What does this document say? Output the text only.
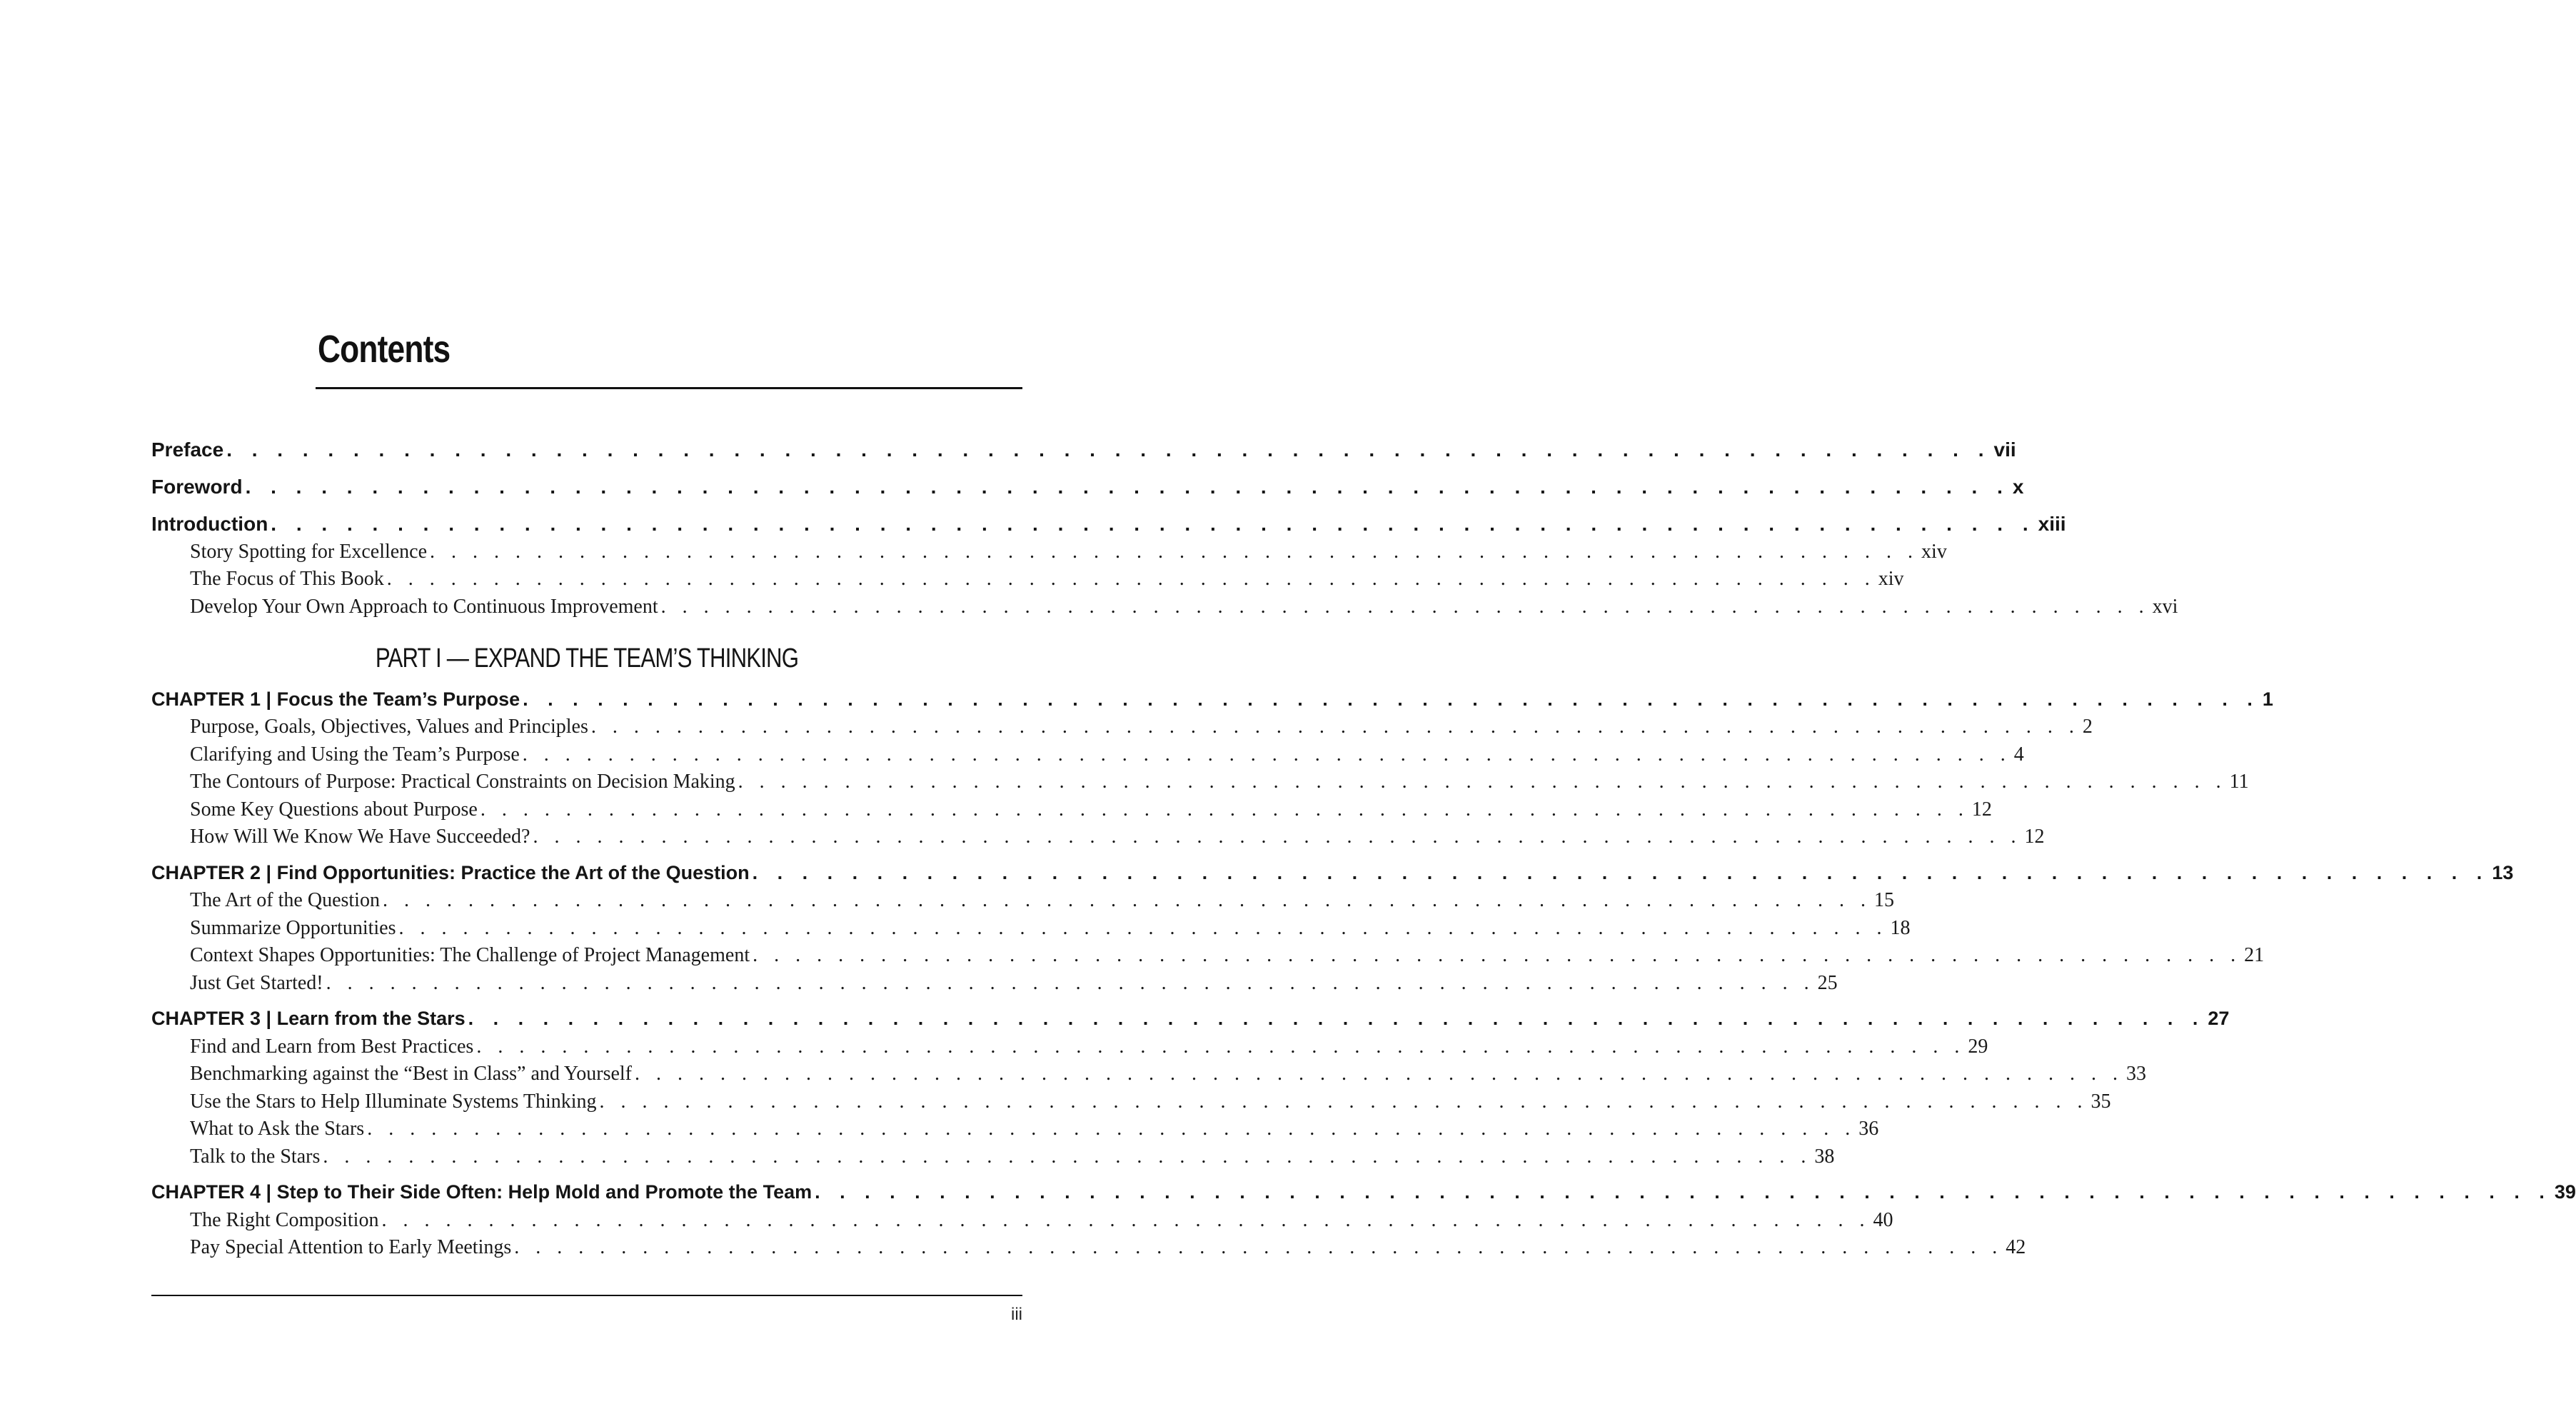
Contents
Preface . . . . . . . . . . . . . . . . . . . . . . . . . . . . . . . . . . . . . . . . . . . . . . . . . . . . . . . . . . . . . . . . . . . . . . vii
Foreword . . . . . . . . . . . . . . . . . . . . . . . . . . . . . . . . . . . . . . . . . . . . . . . . . . . . . . . . . . . . . . . . . . . . . . x
Introduction . . . . . . . . . . . . . . . . . . . . . . . . . . . . . . . . . . . . . . . . . . . . . . . . . . . . . . . . . . . . . . . . . . . . . . xiii
Story Spotting for Excellence . . . . . . . . . . . . . . . . . . . . . . . . . . . . . . . . . . . . . . . . . . . . . . . . . . . . . . . . . . . . . . . . . . . . . . xiv
The Focus of This Book . . . . . . . . . . . . . . . . . . . . . . . . . . . . . . . . . . . . . . . . . . . . . . . . . . . . . . . . . . . . . . . . . . . . . . xiv
Develop Your Own Approach to Continuous Improvement . . . . . . . . . . . . . . . . . . . . . . . . . . . . . . . . . . . . . . . . . . . . . . . . . . . . . . . . . . . . . . . . . . . . . . xvi
PART I — EXPAND THE TEAM’S THINKING
CHAPTER 1 | Focus the Team’s Purpose . . . . . . . . . . . . . . . . . . . . . . . . . . . . . . . . . . . . . . . . . . . . . . . . . . . . . . . . . . . . . . . . . . . . . . 1
Purpose, Goals, Objectives, Values and Principles . . . . . . . . . . . . . . . . . . . . . . . . . . . . . . . . . . . . . . . . . . . . . . . . . . . . . . . . . . . . . . . . . . . . . . 2
Clarifying and Using the Team’s Purpose . . . . . . . . . . . . . . . . . . . . . . . . . . . . . . . . . . . . . . . . . . . . . . . . . . . . . . . . . . . . . . . . . . . . . . 4
The Contours of Purpose: Practical Constraints on Decision Making . . . . . . . . . . . . . . . . . . . . . . . . . . . . . . . . . . . . . . . . . . . . . . . . . . . . . . . . . . . . . . . . . . . . . . 11
Some Key Questions about Purpose . . . . . . . . . . . . . . . . . . . . . . . . . . . . . . . . . . . . . . . . . . . . . . . . . . . . . . . . . . . . . . . . . . . . . . 12
How Will We Know We Have Succeeded? . . . . . . . . . . . . . . . . . . . . . . . . . . . . . . . . . . . . . . . . . . . . . . . . . . . . . . . . . . . . . . . . . . . . . . 12
CHAPTER 2 | Find Opportunities: Practice the Art of the Question . . . . . . . . . . . . . . . . . . . . . . . . . . . . . . . . . . . . . . . . . . . . . . . . . . . . . . . . . . . . . . . . . . . . . . 13
The Art of the Question . . . . . . . . . . . . . . . . . . . . . . . . . . . . . . . . . . . . . . . . . . . . . . . . . . . . . . . . . . . . . . . . . . . . . . 15
Summarize Opportunities . . . . . . . . . . . . . . . . . . . . . . . . . . . . . . . . . . . . . . . . . . . . . . . . . . . . . . . . . . . . . . . . . . . . . . 18
Context Shapes Opportunities: The Challenge of Project Management . . . . . . . . . . . . . . . . . . . . . . . . . . . . . . . . . . . . . . . . . . . . . . . . . . . . . . . . . . . . . . . . . . . . . . 21
Just Get Started! . . . . . . . . . . . . . . . . . . . . . . . . . . . . . . . . . . . . . . . . . . . . . . . . . . . . . . . . . . . . . . . . . . . . . . 25
CHAPTER 3 | Learn from the Stars . . . . . . . . . . . . . . . . . . . . . . . . . . . . . . . . . . . . . . . . . . . . . . . . . . . . . . . . . . . . . . . . . . . . . . 27
Find and Learn from Best Practices . . . . . . . . . . . . . . . . . . . . . . . . . . . . . . . . . . . . . . . . . . . . . . . . . . . . . . . . . . . . . . . . . . . . . . 29
Benchmarking against the “Best in Class” and Yourself . . . . . . . . . . . . . . . . . . . . . . . . . . . . . . . . . . . . . . . . . . . . . . . . . . . . . . . . . . . . . . . . . . . . . . 33
Use the Stars to Help Illuminate Systems Thinking . . . . . . . . . . . . . . . . . . . . . . . . . . . . . . . . . . . . . . . . . . . . . . . . . . . . . . . . . . . . . . . . . . . . . . 35
What to Ask the Stars . . . . . . . . . . . . . . . . . . . . . . . . . . . . . . . . . . . . . . . . . . . . . . . . . . . . . . . . . . . . . . . . . . . . . . 36
Talk to the Stars . . . . . . . . . . . . . . . . . . . . . . . . . . . . . . . . . . . . . . . . . . . . . . . . . . . . . . . . . . . . . . . . . . . . . . 38
CHAPTER 4 | Step to Their Side Often: Help Mold and Promote the Team . . . . . . . . . . . . . . . . . . . . . . . . . . . . . . . . . . . . . . . . . . . . . . . . . . . . . . . . . . . . . . . . . . . . . . 39
The Right Composition . . . . . . . . . . . . . . . . . . . . . . . . . . . . . . . . . . . . . . . . . . . . . . . . . . . . . . . . . . . . . . . . . . . . . . 40
Pay Special Attention to Early Meetings . . . . . . . . . . . . . . . . . . . . . . . . . . . . . . . . . . . . . . . . . . . . . . . . . . . . . . . . . . . . . . . . . . . . . . 42
iii
